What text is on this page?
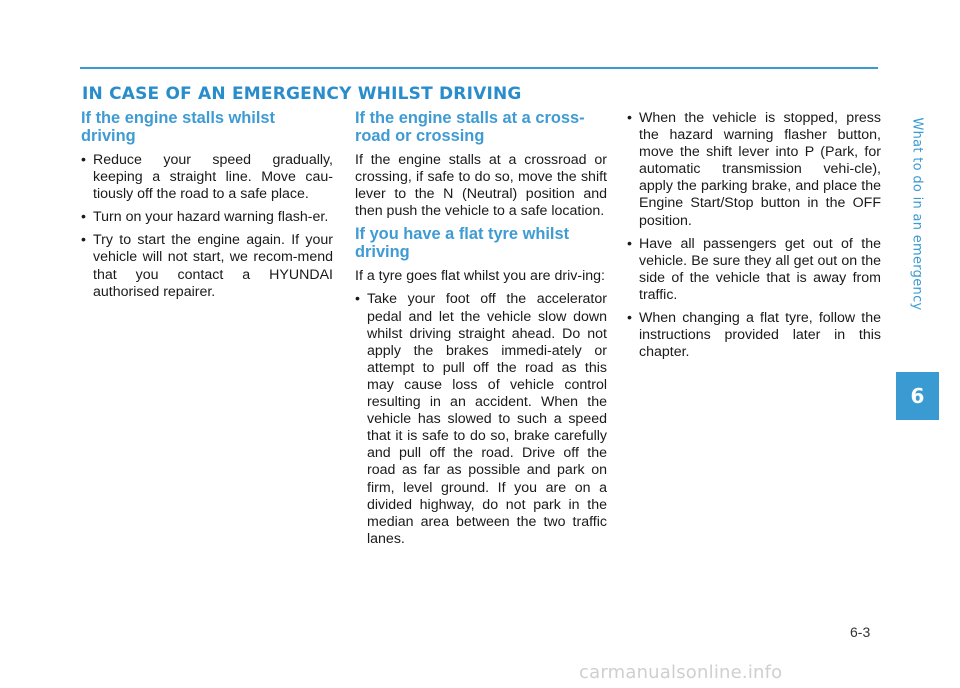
IN CASE OF AN EMERGENCY WHILST DRIVING
If the engine stalls whilst driving
• Reduce your speed gradually, keeping a straight line. Move cau-tiously off the road to a safe place.
• Turn on your hazard warning flash-er.
• Try to start the engine again. If your vehicle will not start, we recom-mend that you contact a HYUNDAI authorised repairer.
If the engine stalls at a cross-road or crossing

If the engine stalls at a crossroad or crossing, if safe to do so, move the shift lever to the N (Neutral) position and then push the vehicle to a safe location.

If you have a flat tyre whilst driving

If a tyre goes flat whilst you are driv-ing:

• Take your foot off the accelerator pedal and let the vehicle slow down whilst driving straight ahead. Do not apply the brakes immedi-ately or attempt to pull off the road as this may cause loss of vehicle control resulting in an accident. When the vehicle has slowed to such a speed that it is safe to do so, brake carefully and pull off the road. Drive off the road as far as possible and park on firm, level ground. If you are on a divided highway, do not park in the median area between the two traffic lanes.
• When the vehicle is stopped, press the hazard warning flasher button, move the shift lever into P (Park, for automatic transmission vehi-cle), apply the parking brake, and place the Engine Start/Stop button in the OFF position.
• Have all passengers get out of the vehicle. Be sure they all get out on the side of the vehicle that is away from traffic.
• When changing a flat tyre, follow the instructions provided later in this chapter.
What to do in an emergency
6
6-3
carmanualsonline.info
